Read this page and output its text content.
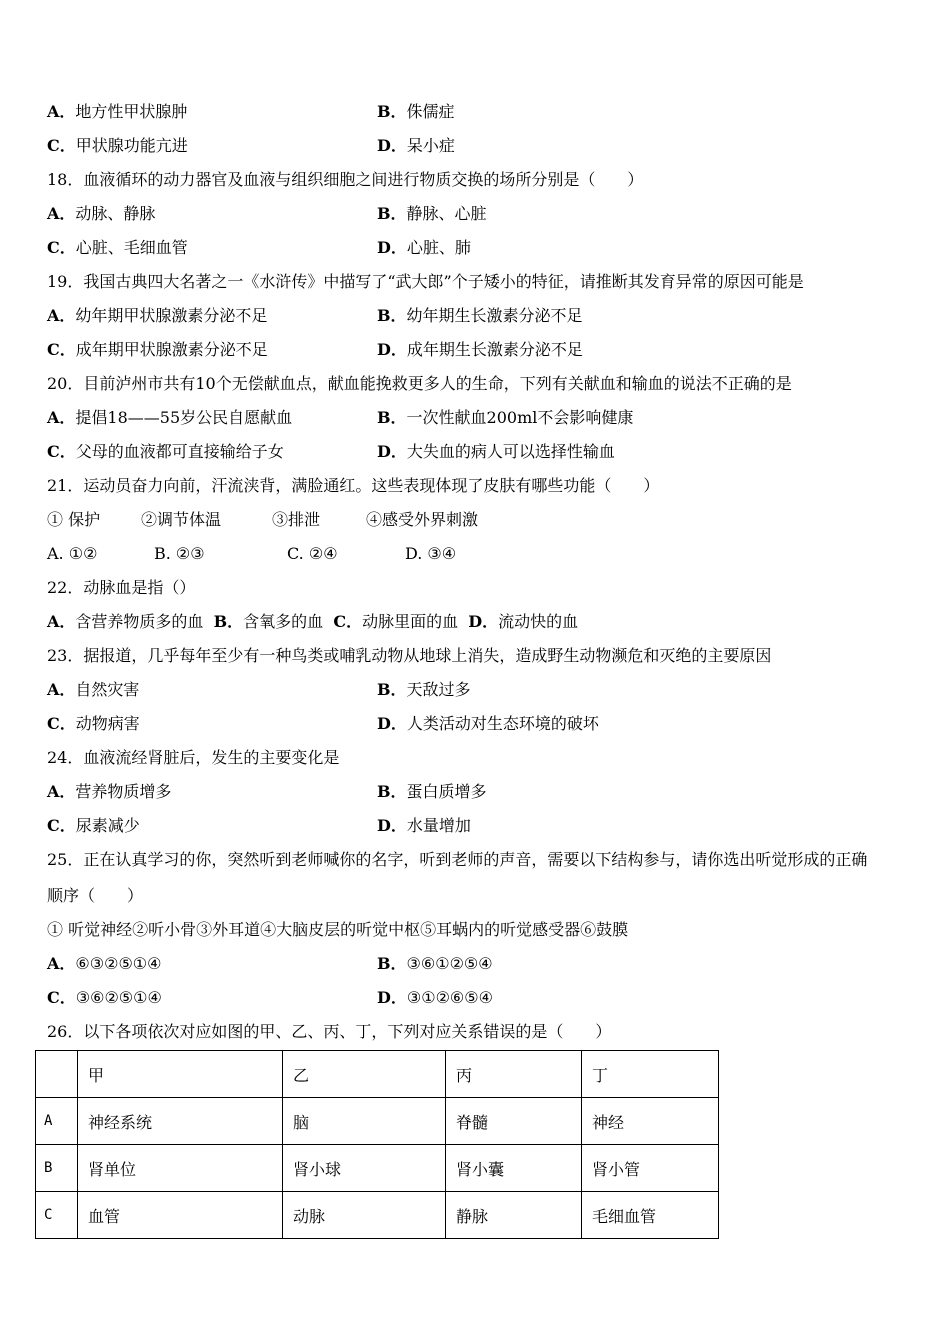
A．地方性甲状腺肿	B．侏儒症
C．甲状腺功能亢进	D．呆小症
18．血液循环的动力器官及血液与组织细胞之间进行物质交换的场所分别是（　　）
A．动脉、静脉	B．静脉、心脏
C．心脏、毛细血管	D．心脏、肺
19．我国古典四大名著之一《水浒传》中描写了“武大郎”个子矮小的特征，请推断其发育异常的原因可能是
A．幼年期甲状腺激素分泌不足	B．幼年期生长激素分泌不足
C．成年期甲状腺激素分泌不足	D．成年期生长激素分泌不足
20．目前泸州市共有10个无偿献血点，献血能挽救更多人的生命，下列有关献血和输血的说法不正确的是
A．提倡18——55岁公民自愿献血	B．一次性献血200ml不会影响健康
C．父母的血液都可直接输给子女	D．大失血的病人可以选择性输血
21．运动员奋力向前，汗流浃背，满脸通红。这些表现体现了皮肤有哪些功能（　　）
① 保护	②调节体温	③排泄	④感受外界刺激
A. ①②	B. ②③	C. ②④	D. ③④
22．动脉血是指（）
A．含营养物质多的血 B．含氧多的血 C．动脉里面的血 D．流动快的血
23．据报道，几乎每年至少有一种鸟类或哺乳动物从地球上消失，造成野生动物濒危和灭绝的主要原因
A．自然灾害	B．天敌过多
C．动物病害	D．人类活动对生态环境的破坏
24．血液流经肾脏后，发生的主要变化是
A．营养物质增多	B．蛋白质增多
C．尿素减少	D．水量增加
25．正在认真学习的你，突然听到老师喊你的名字，听到老师的声音，需要以下结构参与，请你选出听觉形成的正确
顺序（　　）
① 听觉神经②听小骨③外耳道④大脑皮层的听觉中枢⑤耳蜗内的听觉感受器⑥鼓膜
A．⑥③②⑤①④	B．③⑥①②⑤④
C．③⑥②⑤①④	D．③①②⑥⑤④
26．以下各项依次对应如图的甲、乙、丙、丁，下列对应关系错误的是（　　）
	甲	乙	丙	丁
A	神经系统	脑	脊髓	神经
B	肾单位	肾小球	肾小囊	肾小管
C	血管	动脉	静脉	毛细血管
